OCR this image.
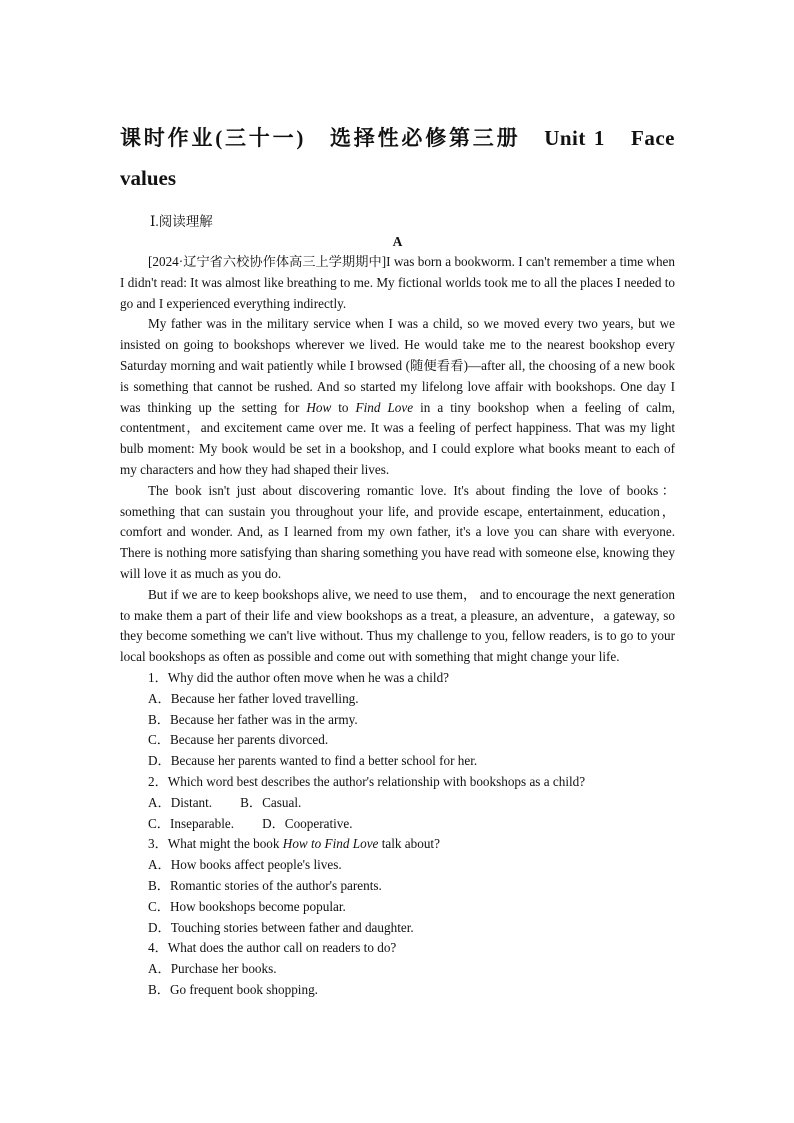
课时作业(三十一)　选择性必修第三册　Unit 1　Face
values
Ⅰ.阅读理解
A

[2024·辽宁省六校协作体高三上学期期中]I was born a bookworm. I can't remember a time when I didn't read: It was almost like breathing to me. My fictional worlds took me to all the places I needed to go and I experienced everything indirectly.

My father was in the military service when I was a child, so we moved every two years, but we insisted on going to bookshops wherever we lived. He would take me to the nearest bookshop every Saturday morning and wait patiently while I browsed (随便看看)—after all, the choosing of a new book is something that cannot be rushed. And so started my lifelong love affair with bookshops. One day I was thinking up the setting for How to Find Love in a tiny bookshop when a feeling of calm, contentment，and excitement came over me. It was a feeling of perfect happiness. That was my light bulb moment: My book would be set in a bookshop, and I could explore what books meant to each of my characters and how they had shaped their lives.

The book isn't just about discovering romantic love. It's about finding the love of books：something that can sustain you throughout your life, and provide escape, entertainment, education，comfort and wonder. And, as I learned from my own father, it's a love you can share with everyone. There is nothing more satisfying than sharing something you have read with someone else, knowing they will love it as much as you do.

But if we are to keep bookshops alive, we need to use them， and to encourage the next generation to make them a part of their life and view bookshops as a treat, a pleasure, an adventure，a gateway, so they become something we can't live without. Thus my challenge to you, fellow readers, is to go to your local bookshops as often as possible and come out with something that might change your life.

1．Why did the author often move when he was a child?

A．Because her father loved travelling.

B．Because her father was in the army.

C．Because her parents divorced.

D．Because her parents wanted to find a better school for her.

2．Which word best describes the author's relationship with bookshops as a child?

A．Distant. B．Casual.

C．Inseparable. D．Cooperative.

3．What might the book How to Find Love talk about?

A．How books affect people's lives.

B．Romantic stories of the author's parents.

C．How bookshops become popular.

D．Touching stories between father and daughter.

4．What does the author call on readers to do?

A．Purchase her books.

B．Go frequent book shopping.
